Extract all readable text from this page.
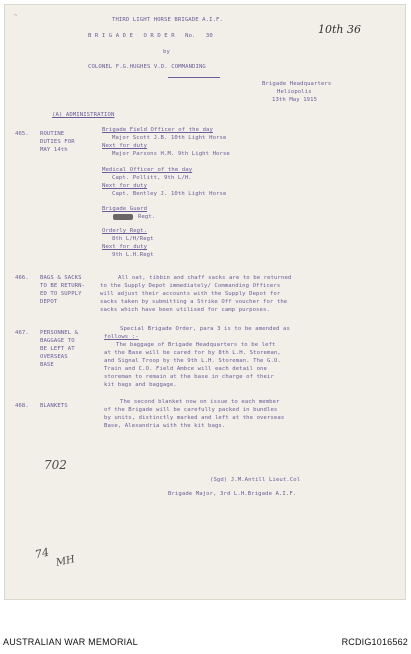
~
10th 36
THIRD LIGHT HORSE BRIGADE A.I.F.
B R I G A D E   O R D E R   No.   30
by
COLONEL F.G.HUGHES V.D. COMMANDING
Brigade Headquarters
Heliopolis
13th May 1915
(A) ADMINISTRATION
465. ROUTINE
DUTIES FOR
MAY 14th
Brigade Field Officer of the day
Major Scott J.B. 10th Light Horse
Next for duty
Major Parsons H.M. 9th Light Horse
Medical Officer of the day
Capt. Pollitt, 9th L/H.
Next for duty
Capt. Bentley J. 10th Light Horse
Brigade Guard
Regt.
Orderly Regt.
8th L/H/Regt
Next for duty
9th L.H.Regt
466. BAGS & SACKS
TO BE RETURN-
ED TO SUPPLY
DEPOT
All oat, tibbin and chaff sacks are to be returned
to the Supply Depot immediately/ Commanding Officers
will adjust their accounts with the Supply Depot for
sacks taken by submitting a Strike Off voucher for the
sacks which have been utilised for camp purposes.
467. PERSONNEL &
BAGGAGE TO
BE LEFT AT
OVERSEAS
BASE
Special Brigade Order, para 3 is to be amended as
follows :-
The baggage of Brigade Headquarters to be left
at the Base will be cared for by 8th L.H. Storeman,
and Signal Troop by the 9th L.H. Storeman. The G.O.
Train and C.O. Field Ambce will each detail one
storeman to remain at the base in charge of their
kit bags and baggage.
468. BLANKETS
The second blanket now on issue to each member
of the Brigade will be carefully packed in bundles
by units, distinctly marked and left at the overseas
Base, Alexandria with the kit bags.
702
74
MH
(Sgd) J.M.Antill Lieut.Col
Brigade Major, 3rd L.H.Brigade A.I.F.
AUSTRALIAN WAR MEMORIAL	RCDIG1016562
